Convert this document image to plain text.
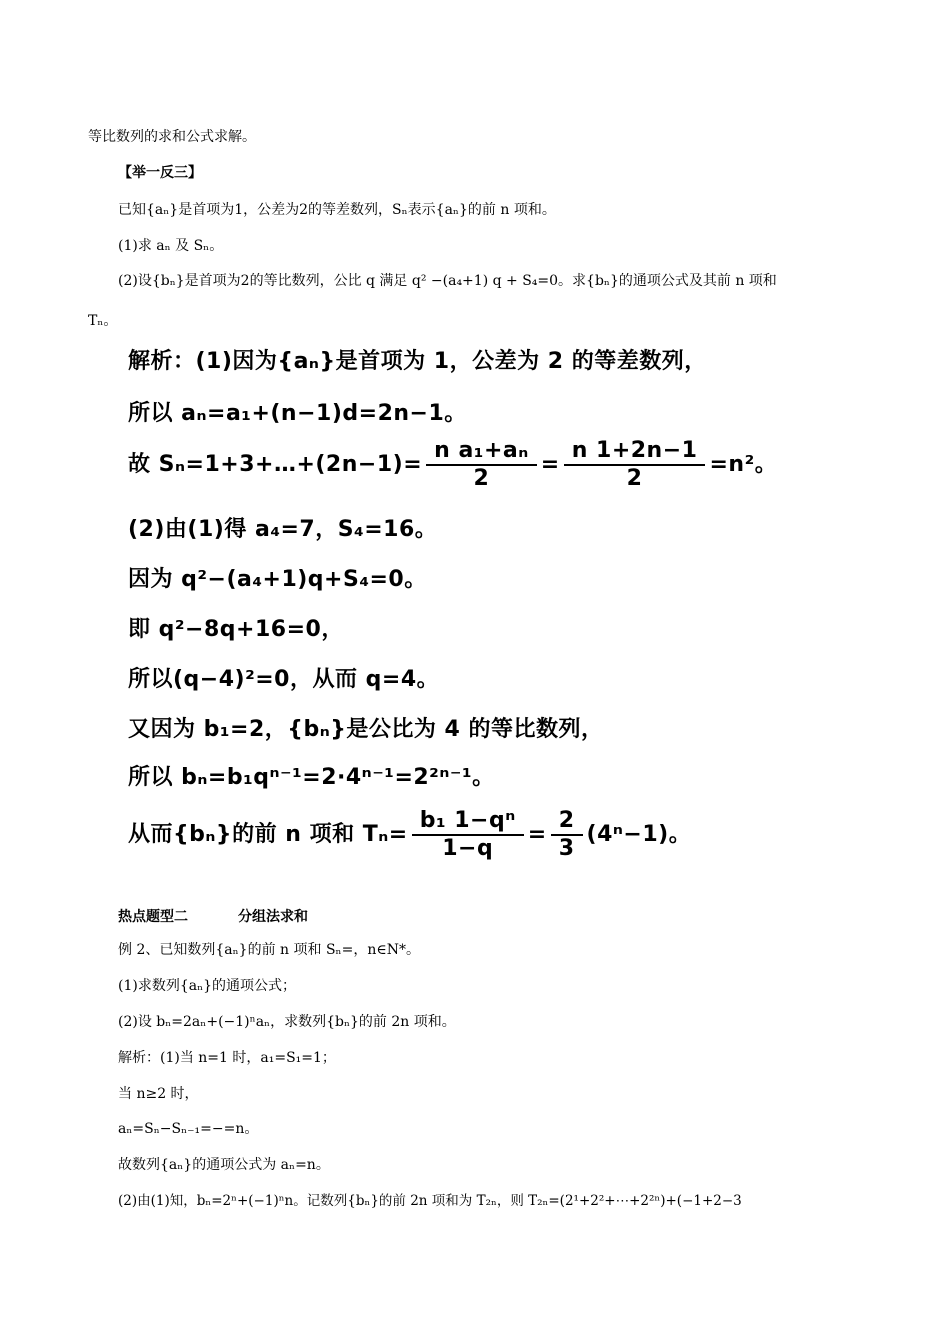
等比数列的求和公式求解。
【举一反三】
已知{aₙ}是首项为1，公差为2的等差数列，Sₙ表示{aₙ}的前 n 项和。
(1)求 aₙ 及 Sₙ。
(2)设{bₙ}是首项为2的等比数列，公比 q 满足 q² −(a₄+1) q + S₄=0。求{bₙ}的通项公式及其前 n 项和
Tₙ。
解析：(1)因为{aₙ}是首项为 1，公差为 2 的等差数列，
所以 aₙ=a₁+(n−1)d=2n−1。
故 Sₙ=1+3+…+(2n−1)= $\frac{\text{n a₁+aₙ}}{2} = \frac{n 1+2n-1}{2} =n^2$。
(2)由(1)得 a₄=7，S₄=16。
因为 q²−(a₄+1)q+S₄=0。
即 q²−8q+16=0，
所以(q−4)²=0，从而 q=4。
又因为 b₁=2，{bₙ}是公比为 4 的等比数列，
所以 bₙ=b₁qⁿ⁻¹=2·4ⁿ⁻¹=2²ⁿ⁻¹。
从而{bₙ}的前 n 项和 $T_n= \frac{\text{b₁ 1−qⁿ}}{1-q} = \frac{2}{3} (4^n-1)$。
热点题型二	分组法求和
例 2、已知数列{aₙ}的前 n 项和 Sₙ=，n∈N*。
(1)求数列{aₙ}的通项公式；
(2)设 bₙ=2aₙ+(−1)ⁿaₙ，求数列{bₙ}的前 2n 项和。
解析：(1)当 n=1 时，a₁=S₁=1；
当 n≥2 时，
aₙ=Sₙ−Sₙ₋₁=−=n。
故数列{aₙ}的通项公式为 aₙ=n。
(2)由(1)知，bₙ=2ⁿ+(−1)ⁿn。记数列{bₙ}的前 2n 项和为 T₂ₙ，则 T₂ₙ=(2¹+2²+⋯+2²ⁿ)+(−1+2−3
